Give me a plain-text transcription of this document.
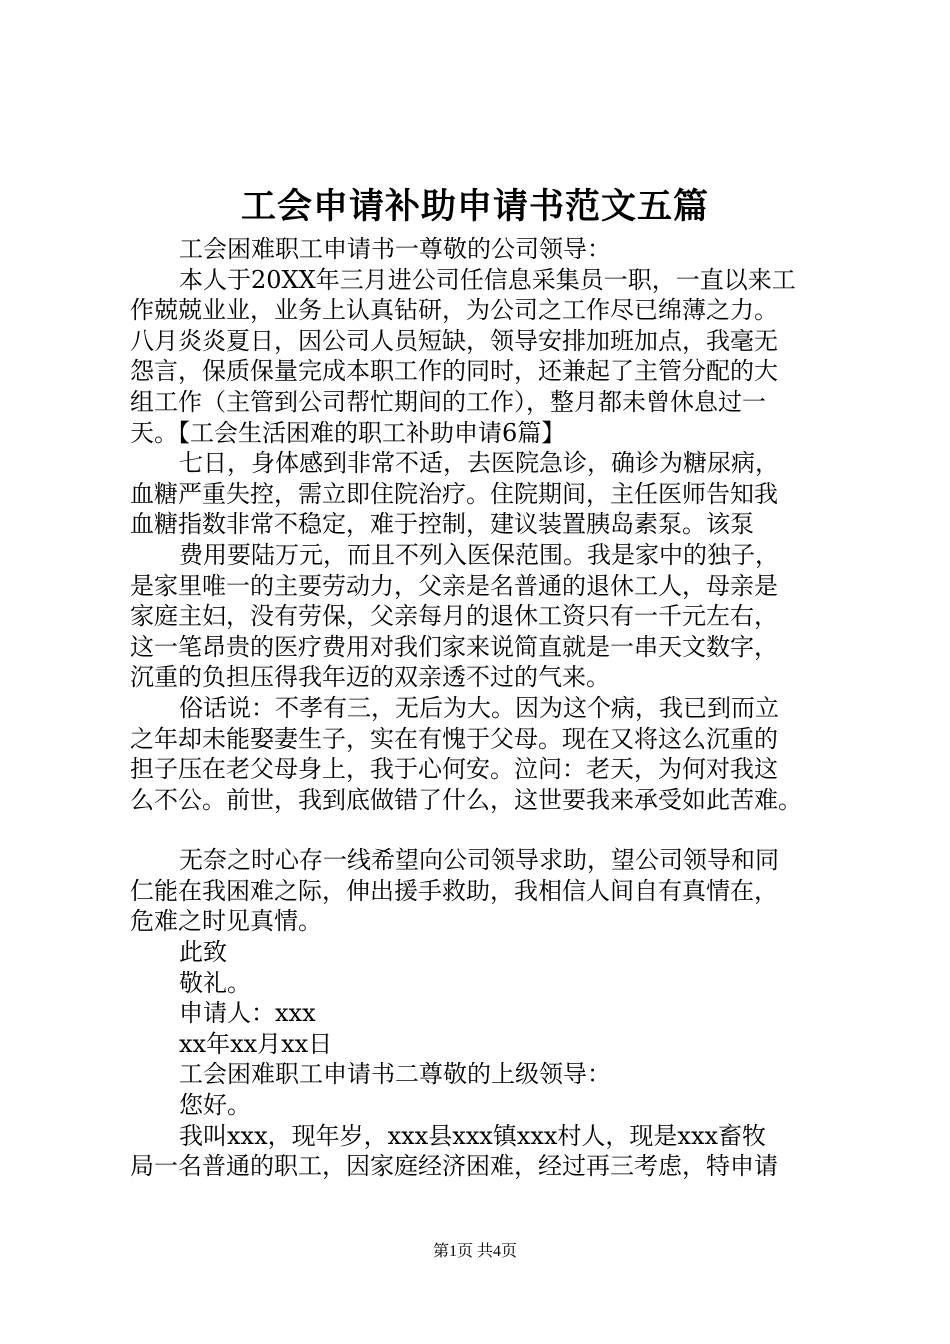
工会申请补助申请书范文五篇
工会困难职工申请书一尊敬的公司领导：
本人于20XX年三月进公司任信息采集员一职，一直以来工
作兢兢业业，业务上认真钻研，为公司之工作尽已绵薄之力。
八月炎炎夏日，因公司人员短缺，领导安排加班加点，我毫无
怨言，保质保量完成本职工作的同时，还兼起了主管分配的大
组工作（主管到公司帮忙期间的工作），整月都未曾休息过一
天。【工会生活困难的职工补助申请6篇】
七日，身体感到非常不适，去医院急诊，确诊为糖尿病，
血糖严重失控，需立即住院治疗。住院期间，主任医师告知我
血糖指数非常不稳定，难于控制，建议装置胰岛素泵。该泵
费用要陆万元，而且不列入医保范围。我是家中的独子，
是家里唯一的主要劳动力，父亲是名普通的退休工人，母亲是
家庭主妇，没有劳保，父亲每月的退休工资只有一千元左右，
这一笔昂贵的医疗费用对我们家来说简直就是一串天文数字，
沉重的负担压得我年迈的双亲透不过的气来。
俗话说：不孝有三，无后为大。因为这个病，我已到而立
之年却未能娶妻生子，实在有愧于父母。现在又将这么沉重的
担子压在老父母身上，我于心何安。泣问：老天，为何对我这
么不公。前世，我到底做错了什么，这世要我来承受如此苦难。
无奈之时心存一线希望向公司领导求助，望公司领导和同
仁能在我困难之际，伸出援手救助，我相信人间自有真情在，
危难之时见真情。
此致
敬礼。
申请人：xxx
xx年xx月xx日
工会困难职工申请书二尊敬的上级领导：
您好。
我叫xxx，现年岁，xxx县xxx镇xxx村人，现是xxx畜牧
局一名普通的职工，因家庭经济困难，经过再三考虑，特申请
第1页 共4页
